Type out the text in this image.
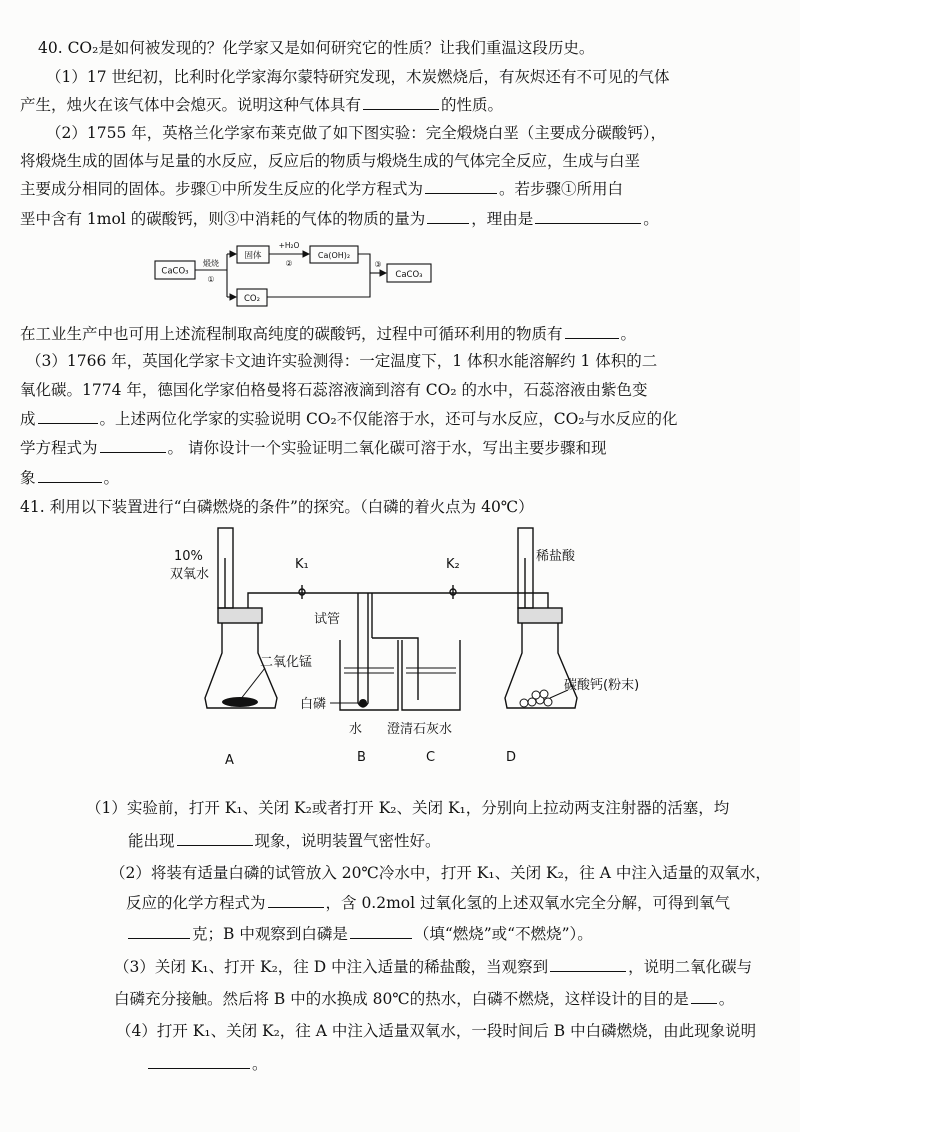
40. CO₂是如何被发现的？化学家又是如何研究它的性质？让我们重温这段历史。
（1）17 世纪初，比利时化学家海尔蒙特研究发现，木炭燃烧后，有灰烬还有不可见的气体
产生，烛火在该气体中会熄灭。说明这种气体具有	的性质。
（2）1755 年，英格兰化学家布莱克做了如下图实验：完全煅烧白垩（主要成分碳酸钙），
将煅烧生成的固体与足量的水反应，反应后的物质与煅烧生成的气体完全反应，生成与白垩
主要成分相同的固体。步骤①中所发生反应的化学方程式为	。若步骤①所用白
垩中含有 1mol 的碳酸钙，则③中消耗的气体的物质的量为	，理由是	。
CaCO₃
煅烧
①
固体
+H₂O
②
Ca(OH)₂
③
CaCO₃
CO₂
在工业生产中也可用上述流程制取高纯度的碳酸钙，过程中可循环利用的物质有	。
（3）1766 年，英国化学家卡文迪许实验测得：一定温度下，1 体积水能溶解约 1 体积的二
氧化碳。1774 年，德国化学家伯格曼将石蕊溶液滴到溶有 CO₂ 的水中，石蕊溶液由紫色变
成	。上述两位化学家的实验说明 CO₂不仅能溶于水，还可与水反应，CO₂与水反应的化
学方程式为	。 请你设计一个实验证明二氧化碳可溶于水，写出主要步骤和现
象	。
41. 利用以下装置进行“白磷燃烧的条件”的探究。（白磷的着火点为 40℃）
10%
双氧水
K₁	K₂
稀盐酸
试管
二氧化锰
白磷
水 澄清石灰水
碳酸钙(粉末)
A	B	C	D
（1）实验前，打开 K₁、关闭 K₂或者打开 K₂、关闭 K₁，分别向上拉动两支注射器的活塞，均
能出现	现象，说明装置气密性好。
（2）将装有适量白磷的试管放入 20℃冷水中，打开 K₁、关闭 K₂，往 A 中注入适量的双氧水，
反应的化学方程式为	，含 0.2mol 过氧化氢的上述双氧水完全分解，可得到氧气
克；B 中观察到白磷是	（填“燃烧”或“不燃烧”）。
（3）关闭 K₁、打开 K₂，往 D 中注入适量的稀盐酸，当观察到	，说明二氧化碳与
白磷充分接触。然后将 B 中的水换成 80℃的热水，白磷不燃烧，这样设计的目的是 。
（4）打开 K₁、关闭 K₂，往 A 中注入适量双氧水，一段时间后 B 中白磷燃烧，由此现象说明
。
